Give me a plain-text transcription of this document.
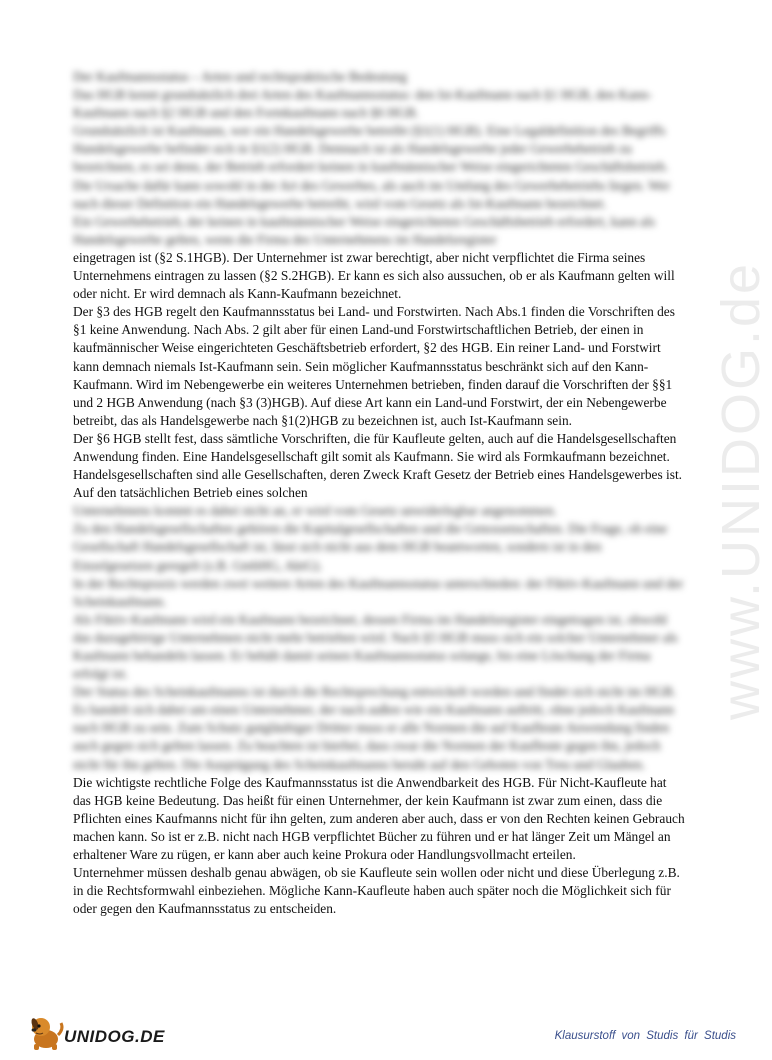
www.UNIDOG.de

Der Kaufmannsstatus – Arten und rechtspraktische Bedeutung

Das HGB kennt grundsätzlich drei Arten des Kaufmannsstatus: den Ist-Kaufmann nach §1 HGB, den Kann-Kaufmann nach §2 HGB und den Formkaufmann nach §6 HGB.

Grundsätzlich ist Kaufmann, wer ein Handelsgewerbe betreibt (§1(1) HGB). Eine Legaldefinition des Begriffs Handelsgewerbe befindet sich in §1(2) HGB. Demnach ist als Handelsgewerbe jeder Gewerbebetrieb zu bezeichnen, es sei denn, der Betrieb erfordert keinen in kaufmännischer Weise eingerichteten Geschäftsbetrieb. Die Ursache dafür kann sowohl in der Art des Gewerbes, als auch im Umfang des Gewerbebetriebs liegen. Wer nach dieser Definition ein Handelsgewerbe betreibt, wird vom Gesetz als Ist-Kaufmann bezeichnet.

Ein Gewerbebetrieb, der keinen in kaufmännischer Weise eingerichteten Geschäftsbetrieb erfordert, kann als Handelsgewerbe gelten, wenn die Firma des Unternehmens im Handelsregister

eingetragen ist (§2 S.1HGB). Der Unternehmer ist zwar berechtigt, aber nicht verpflichtet die Firma seines Unternehmens eintragen zu lassen (§2 S.2HGB). Er kann es sich also aussuchen, ob er als Kaufmann gelten will oder nicht. Er wird demnach als Kann-Kaufmann bezeichnet.

Der §3 des HGB regelt den Kaufmannsstatus bei Land- und Forstwirten. Nach Abs.1 finden die Vorschriften des §1 keine Anwendung. Nach Abs. 2 gilt aber für einen Land-und Forstwirtschaftlichen Betrieb, der einen in kaufmännischer Weise eingerichteten Geschäftsbetrieb erfordert, §2 des HGB. Ein reiner Land- und Forstwirt kann demnach niemals Ist-Kaufmann sein. Sein möglicher Kaufmannsstatus beschränkt sich auf den Kann-Kaufmann. Wird im Nebengewerbe ein weiteres Unternehmen betrieben, finden darauf die Vorschriften der §§1 und 2 HGB Anwendung (nach §3 (3)HGB). Auf diese Art kann ein Land-und Forstwirt, der ein Nebengewerbe betreibt, das als Handelsgewerbe nach §1(2)HGB zu bezeichnen ist, auch Ist-Kaufmann sein.

Der §6 HGB stellt fest, dass sämtliche Vorschriften, die für Kaufleute gelten, auch auf die Handelsgesellschaften Anwendung finden. Eine Handelsgesellschaft gilt somit als Kaufmann. Sie wird als Formkaufmann bezeichnet. Handelsgesellschaften sind alle Gesellschaften, deren Zweck Kraft Gesetz der Betrieb eines Handelsgewerbes ist. Auf den tatsächlichen Betrieb eines solchen

Unternehmens kommt es dabei nicht an, er wird vom Gesetz unwiderlegbar angenommen.

Zu den Handelsgesellschaften gehören die Kapitalgesellschaften und die Genossenschaften. Die Frage, ob eine Gesellschaft Handelsgesellschaft ist, lässt sich nicht aus dem HGB beantworten, sondern ist in den Einzelgesetzen geregelt (z.B. GmbHG, AktG).

In der Rechtspraxis werden zwei weitere Arten des Kaufmannsstatus unterschieden: der Fiktiv-Kaufmann und der Scheinkaufmann.

Als Fiktiv-Kaufmann wird ein Kaufmann bezeichnet, dessen Firma im Handelsregister eingetragen ist, obwohl das dazugehörige Unternehmen nicht mehr betrieben wird. Nach §5 HGB muss sich ein solcher Unternehmer als Kaufmann behandeln lassen. Er behält damit seinen Kaufmannsstatus solange, bis eine Löschung der Firma erfolgt ist.

Der Status des Scheinkaufmanns ist durch die Rechtsprechung entwickelt worden und findet sich nicht im HGB. Es handelt sich dabei um einen Unternehmer, der nach außen wie ein Kaufmann auftritt, ohne jedoch Kaufmann nach HGB zu sein. Zum Schutz gutgläubiger Dritter muss er alle Normen die auf Kaufleute Anwendung finden auch gegen sich gelten lassen. Zu beachten ist hierbei, dass zwar die Normen der Kaufleute gegen ihn, jedoch nicht für ihn gelten. Die Ausprägung des Scheinkaufmanns beruht auf den Geboten von Treu und Glauben.

Die wichtigste rechtliche Folge des Kaufmannsstatus ist die Anwendbarkeit des HGB. Für Nicht-Kaufleute hat das HGB keine Bedeutung. Das heißt für einen Unternehmer, der kein Kaufmann ist zwar zum einen, dass die Pflichten eines Kaufmanns nicht für ihn gelten, zum anderen aber auch, dass er von den Rechten keinen Gebrauch machen kann. So ist er z.B. nicht nach HGB verpflichtet Bücher zu führen und er hat länger Zeit um Mängel an erhaltener Ware zu rügen, er kann aber auch keine Prokura oder Handlungsvollmacht erteilen.

Unternehmer müssen deshalb genau abwägen, ob sie Kaufleute sein wollen oder nicht und diese Überlegung z.B. in die Rechtsformwahl einbeziehen. Mögliche Kann-Kaufleute haben auch später noch die Möglichkeit sich für oder gegen den Kaufmannsstatus zu entscheiden.

UNIDOG.DE	Klausurstoff von Studis für Studis
